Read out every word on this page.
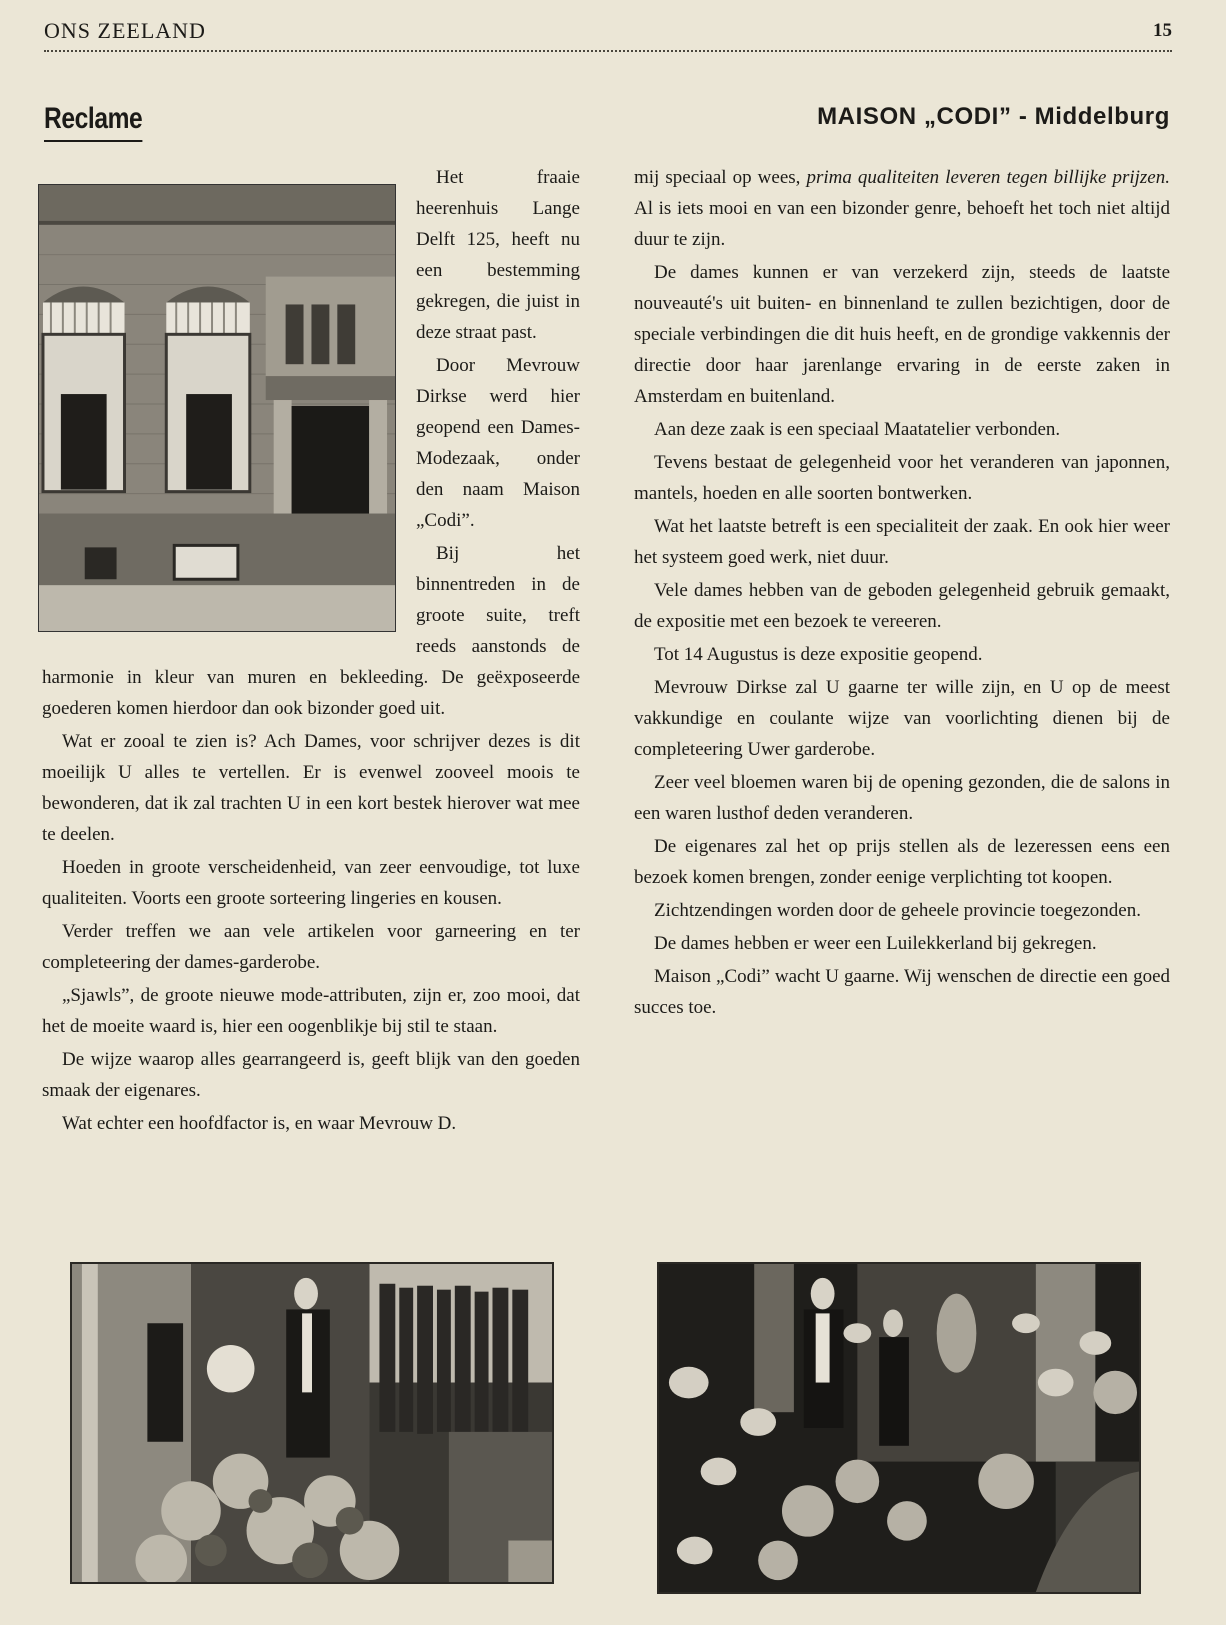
ONS ZEELAND	15
Reclame	MAISON „CODI” - Middelburg

Het fraaie heerenhuis Lange Delft 125, heeft nu een bestemming gekregen, die juist in deze straat past.

Door Mevrouw Dirkse werd hier geopend een Dames-Modezaak, onder den naam Maison „Codi”.

Bij het binnentreden in de groote suite, treft reeds aanstonds de harmonie in kleur van muren en bekleeding. De geëxposeerde goederen komen hierdoor dan ook bizonder goed uit.

Wat er zooal te zien is? Ach Dames, voor schrijver dezes is dit moeilijk U alles te vertellen. Er is evenwel zooveel moois te bewonderen, dat ik zal trachten U in een kort bestek hierover wat mee te deelen.

Hoeden in groote verscheidenheid, van zeer eenvoudige, tot luxe qualiteiten. Voorts een groote sorteering lingeries en kousen.

Verder treffen we aan vele artikelen voor garneering en ter completeering der dames-garderobe.

„Sjawls”, de groote nieuwe mode-attributen, zijn er, zoo mooi, dat het de moeite waard is, hier een oogenblikje bij stil te staan.

De wijze waarop alles gearrangeerd is, geeft blijk van den goeden smaak der eigenares.

Wat echter een hoofdfactor is, en waar Mevrouw D.

mij speciaal op wees, prima qualiteiten leveren tegen billijke prijzen. Al is iets mooi en van een bizonder genre, behoeft het toch niet altijd duur te zijn.

De dames kunnen er van verzekerd zijn, steeds de laatste nouveauté's uit buiten- en binnenland te zullen bezichtigen, door de speciale verbindingen die dit huis heeft, en de grondige vakkennis der directie door haar jarenlange ervaring in de eerste zaken in Amsterdam en buitenland.

Aan deze zaak is een speciaal Maatatelier verbonden.

Tevens bestaat de gelegenheid voor het veranderen van japonnen, mantels, hoeden en alle soorten bontwerken.

Wat het laatste betreft is een specialiteit der zaak. En ook hier weer het systeem goed werk, niet duur.

Vele dames hebben van de geboden gelegenheid gebruik gemaakt, de expositie met een bezoek te vereeren.

Tot 14 Augustus is deze expositie geopend.

Mevrouw Dirkse zal U gaarne ter wille zijn, en U op de meest vakkundige en coulante wijze van voorlichting dienen bij de completeering Uwer garderobe.

Zeer veel bloemen waren bij de opening gezonden, die de salons in een waren lusthof deden veranderen.

De eigenares zal het op prijs stellen als de lezeressen eens een bezoek komen brengen, zonder eenige verplichting tot koopen.

Zichtzendingen worden door de geheele provincie toegezonden.

De dames hebben er weer een Luilekkerland bij gekregen.

Maison „Codi” wacht U gaarne. Wij wenschen de directie een goed succes toe.
